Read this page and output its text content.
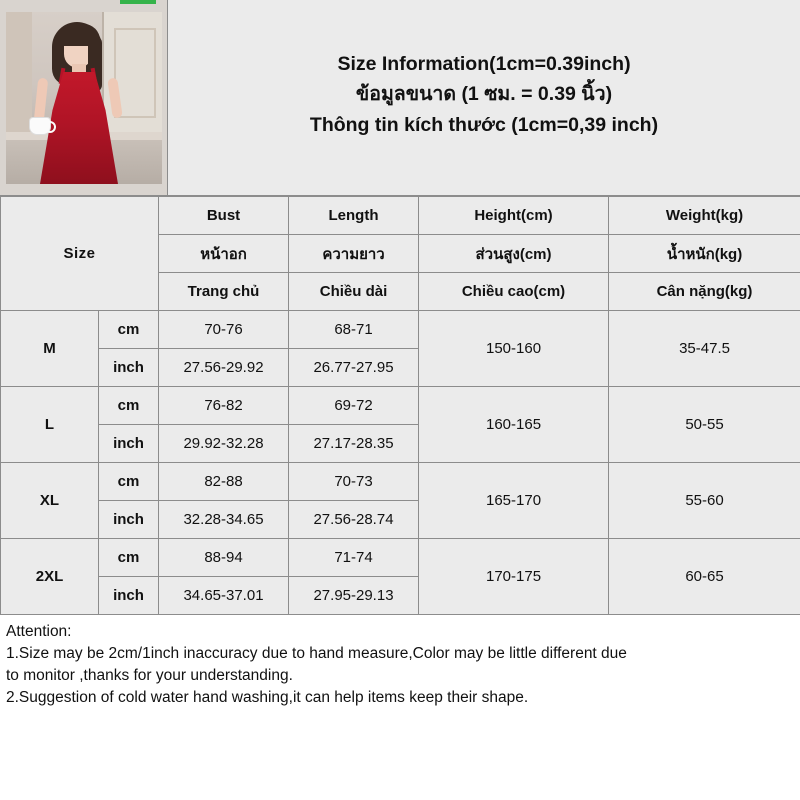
Size Information(1cm=0.39inch)
ข้อมูลขนาด (1 ซม. = 0.39 นิ้ว)
Thông tin kích thước (1cm=0,39 inch)
Size		Bust	Length	Height(cm)	Weight(kg)
		หน้าอก	ความยาว	ส่วนสูง(cm)	น้ำหนัก(kg)
		Trang chủ	Chiều dài	Chiều cao(cm)	Cân nặng(kg)
M	cm	70-76	68-71	150-160	35-47.5
	inch	27.56-29.92	26.77-27.95		
L	cm	76-82	69-72	160-165	50-55
	inch	29.92-32.28	27.17-28.35		
XL	cm	82-88	70-73	165-170	55-60
	inch	32.28-34.65	27.56-28.74		
2XL	cm	88-94	71-74	170-175	60-65
	inch	34.65-37.01	27.95-29.13		

Attention:

1.Size may be 2cm/1inch inaccuracy due to hand measure,Color may be little different due

to monitor ,thanks for your understanding.

2.Suggestion of cold water hand washing,it can help items keep their shape.
